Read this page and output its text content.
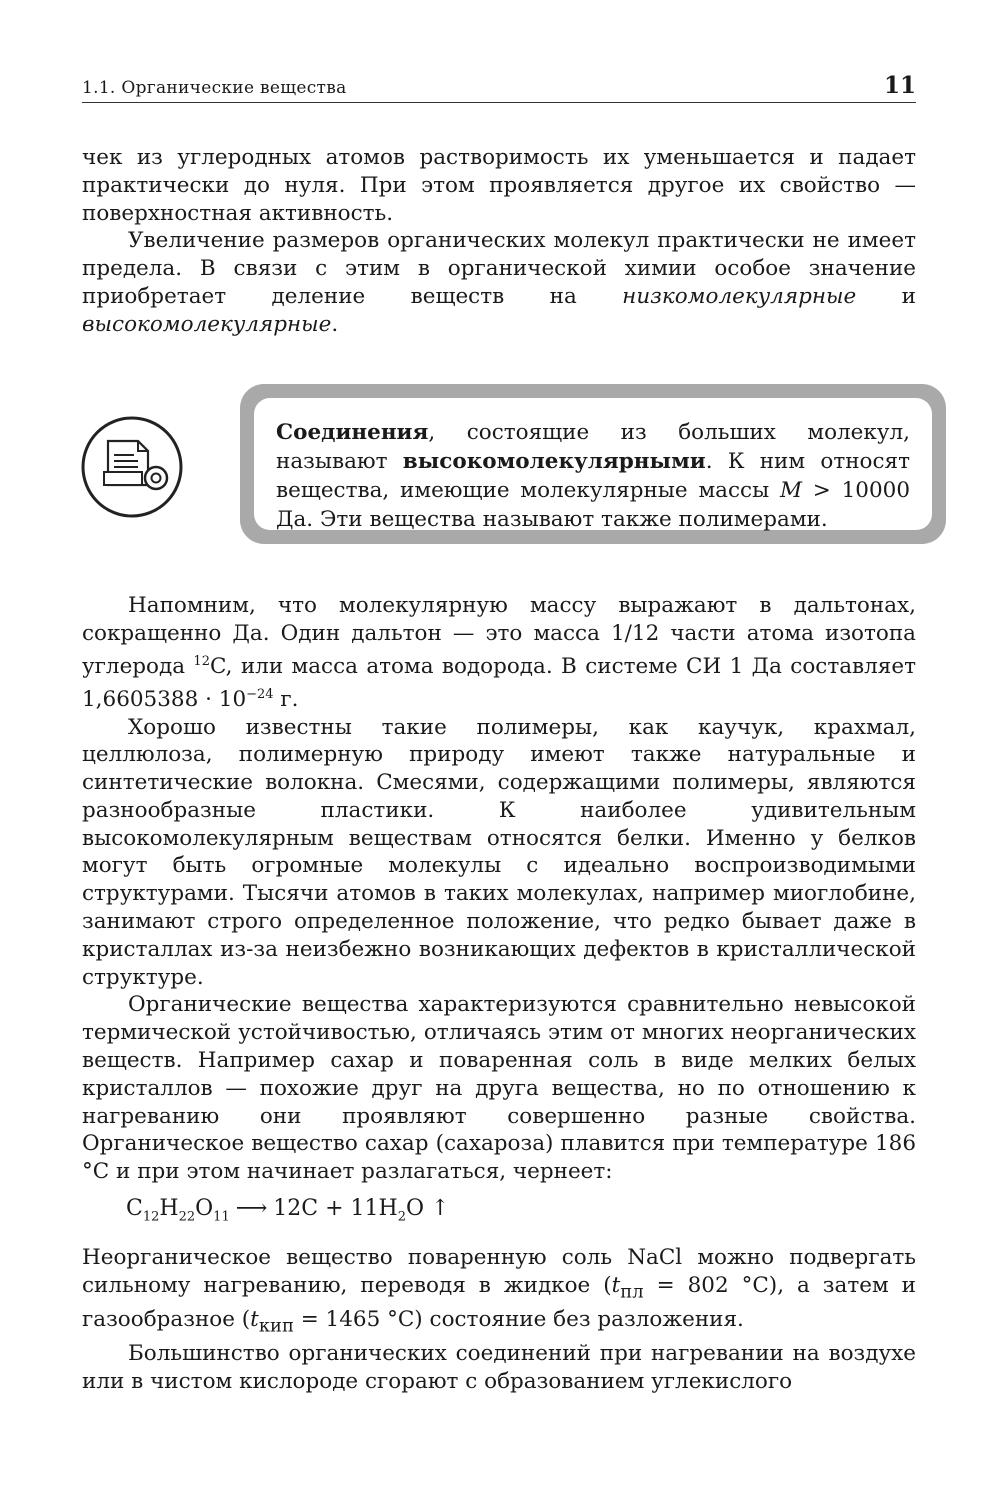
1.1. Органические вещества	11

чек из углеродных атомов растворимость их уменьшается и падает практически до нуля. При этом проявляется другое их свойство — поверхностная активность.

Увеличение размеров органических молекул практически не имеет предела. В связи с этим в органической химии особое значение приобретает деление веществ на низкомолекулярные и высокомолекулярные.

Соединения, состоящие из больших молекул, называют высокомолекулярными. К ним относят вещества, имеющие молекулярные массы M > 10000 Да. Эти вещества называют также полимерами.

Напомним, что молекулярную массу выражают в дальтонах, сокращенно Да. Один дальтон — это масса 1/12 части атома изотопа углерода $^{12}$C, или масса атома водорода. В системе СИ 1 Да составляет $1,6605388 \cdot 10^{-24}$ г.

Хорошо известны такие полимеры, как каучук, крахмал, целлюлоза, полимерную природу имеют также натуральные и синтетические волокна. Смесями, содержащими полимеры, являются разнообразные пластики. К наиболее удивительным высокомолекулярным веществам относятся белки. Именно у белков могут быть огромные молекулы с идеально воспроизводимыми структурами. Тысячи атомов в таких молекулах, например миоглобине, занимают строго определенное положение, что редко бывает даже в кристаллах из-за неизбежно возникающих дефектов в кристаллической структуре.

Органические вещества характеризуются сравнительно невысокой термической устойчивостью, отличаясь этим от многих неорганических веществ. Например сахар и поваренная соль в виде мелких белых кристаллов — похожие друг на друга вещества, но по отношению к нагреванию они проявляют совершенно разные свойства. Органическое вещество сахар (сахароза) плавится при температуре 186 °C и при этом начинает разлагаться, чернеет:

$C_{12}H_{22}O_{11}$ ⟶ $12C + 11H_2O$ ↑

Неорганическое вещество поваренную соль NaCl можно подвергать сильному нагреванию, переводя в жидкое ($t_{пл} = 802$ °C), а затем и газообразное ($t_{кип} = 1465$ °C) состояние без разложения.

Большинство органических соединений при нагревании на воздухе или в чистом кислороде сгорают с образованием углекислого
